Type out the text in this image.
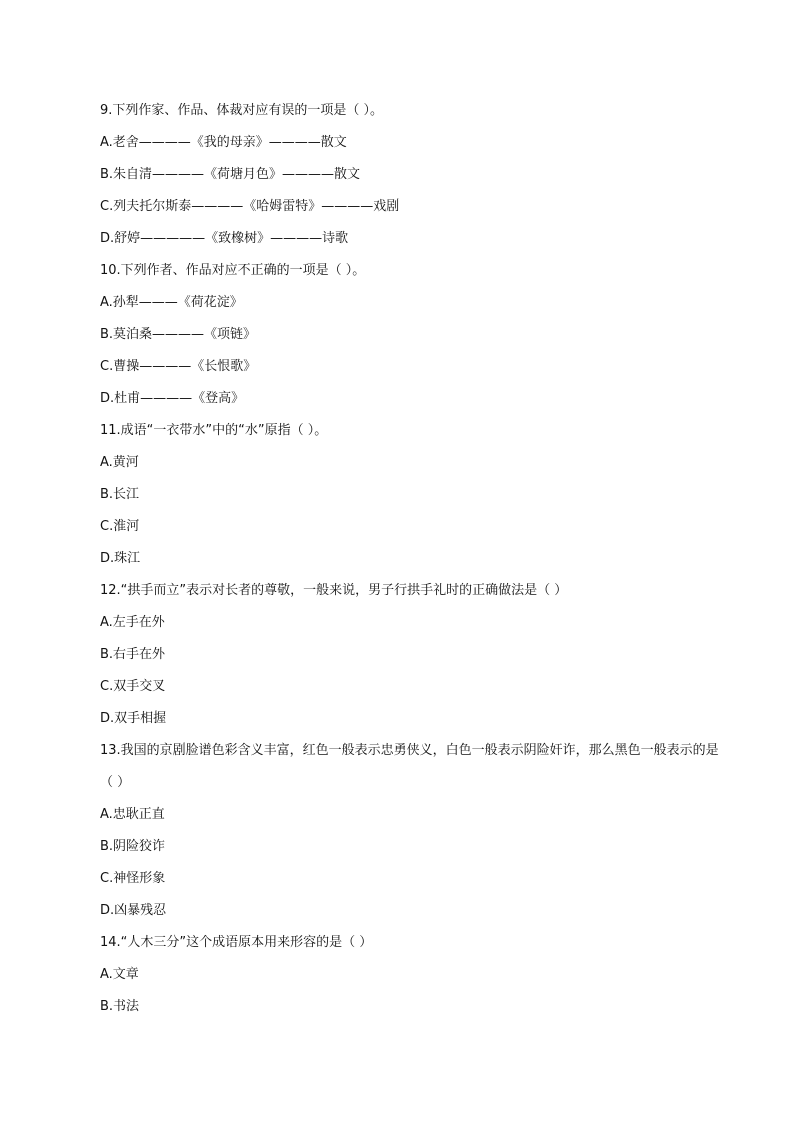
9.下列作家、作品、体裁对应有误的一项是（ ）。
A.老舍————《我的母亲》————散文
B.朱自清————《荷塘月色》————散文
C.列夫托尔斯泰————《哈姆雷特》————戏剧
D.舒婷—————《致橡树》————诗歌
10.下列作者、作品对应不正确的一项是（ ）。
A.孙犁———《荷花淀》
B.莫泊桑————《项链》
C.曹操————《长恨歌》
D.杜甫————《登高》
11.成语“一衣带水”中的“水”原指（ ）。
A.黄河
B.长江
C.淮河
D.珠江
12.“拱手而立”表示对长者的尊敬，一般来说，男子行拱手礼时的正确做法是（ ）
A.左手在外
B.右手在外
C.双手交叉
D.双手相握
13.我国的京剧脸谱色彩含义丰富，红色一般表示忠勇侠义，白色一般表示阴险奸诈，那么黑色一般表示的是（ ）
A.忠耿正直
B.阴险狡诈
C.神怪形象
D.凶暴残忍
14.“人木三分”这个成语原本用来形容的是（ ）
A.文章
B.书法
